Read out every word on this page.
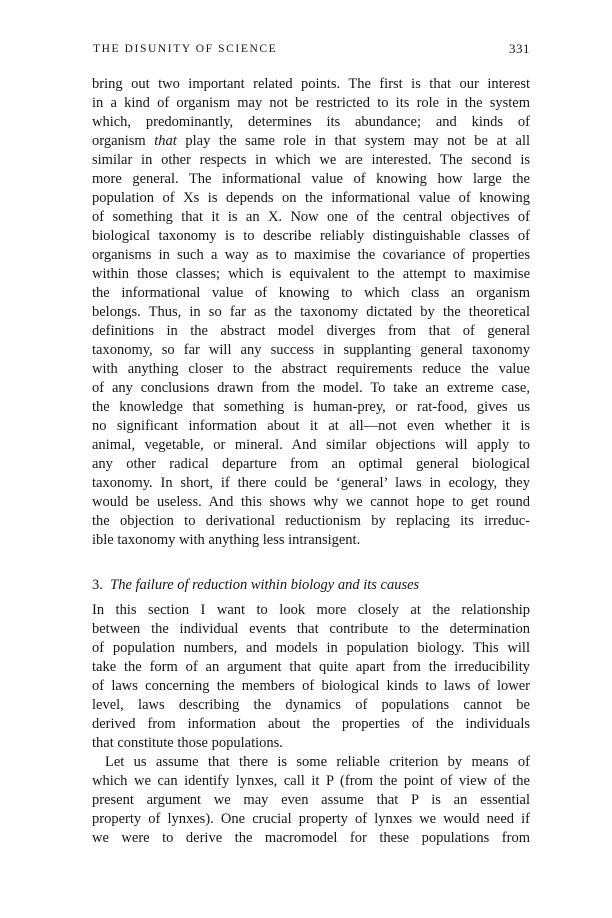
THE DISUNITY OF SCIENCE	331
bring out two important related points. The first is that our interest
in a kind of organism may not be restricted to its role in the system
which, predominantly, determines its abundance; and kinds of
organism that play the same role in that system may not be at all
similar in other respects in which we are interested. The second is
more general. The informational value of knowing how large the
population of Xs is depends on the informational value of knowing
of something that it is an X. Now one of the central objectives of
biological taxonomy is to describe reliably distinguishable classes of
organisms in such a way as to maximise the covariance of properties
within those classes; which is equivalent to the attempt to maximise
the informational value of knowing to which class an organism
belongs. Thus, in so far as the taxonomy dictated by the theoretical
definitions in the abstract model diverges from that of general
taxonomy, so far will any success in supplanting general taxonomy
with anything closer to the abstract requirements reduce the value
of any conclusions drawn from the model. To take an extreme case,
the knowledge that something is human-prey, or rat-food, gives us
no significant information about it at all—not even whether it is
animal, vegetable, or mineral. And similar objections will apply to
any other radical departure from an optimal general biological
taxonomy. In short, if there could be ‘general’ laws in ecology, they
would be useless. And this shows why we cannot hope to get round
the objection to derivational reductionism by replacing its irreduc-
ible taxonomy with anything less intransigent.
3. The failure of reduction within biology and its causes
In this section I want to look more closely at the relationship
between the individual events that contribute to the determination
of population numbers, and models in population biology. This will
take the form of an argument that quite apart from the irreducibility
of laws concerning the members of biological kinds to laws of lower
level, laws describing the dynamics of populations cannot be
derived from information about the properties of the individuals
that constitute those populations.
Let us assume that there is some reliable criterion by means of
which we can identify lynxes, call it P (from the point of view of the
present argument we may even assume that P is an essential
property of lynxes). One crucial property of lynxes we would need if
we were to derive the macromodel for these populations from
